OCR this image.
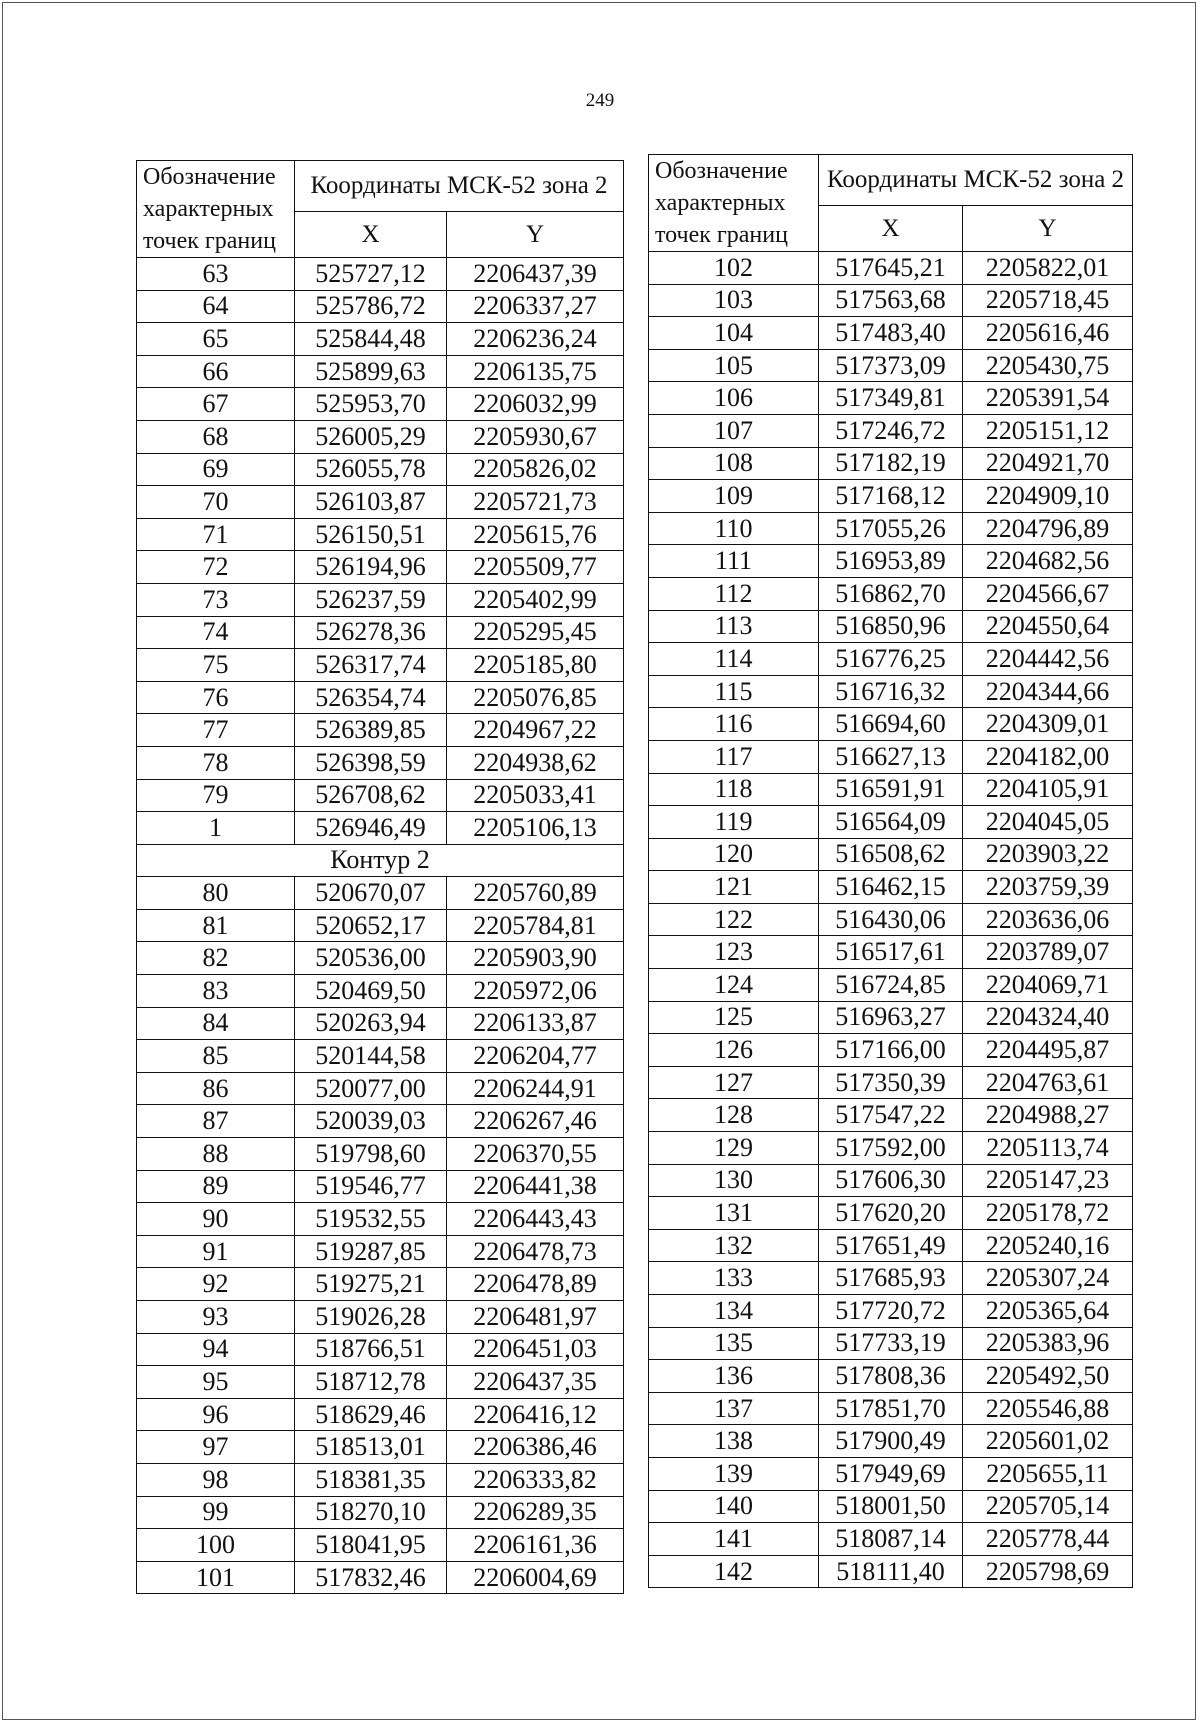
249
Обозначение характерных точек границ	Координаты МСК-52 зона 2	
	X	Y
63	525727,12	2206437,39
64	525786,72	2206337,27
65	525844,48	2206236,24
66	525899,63	2206135,75
67	525953,70	2206032,99
68	526005,29	2205930,67
69	526055,78	2205826,02
70	526103,87	2205721,73
71	526150,51	2205615,76
72	526194,96	2205509,77
73	526237,59	2205402,99
74	526278,36	2205295,45
75	526317,74	2205185,80
76	526354,74	2205076,85
77	526389,85	2204967,22
78	526398,59	2204938,62
79	526708,62	2205033,41
1	526946,49	2205106,13
Контур 2		
80	520670,07	2205760,89
81	520652,17	2205784,81
82	520536,00	2205903,90
83	520469,50	2205972,06
84	520263,94	2206133,87
85	520144,58	2206204,77
86	520077,00	2206244,91
87	520039,03	2206267,46
88	519798,60	2206370,55
89	519546,77	2206441,38
90	519532,55	2206443,43
91	519287,85	2206478,73
92	519275,21	2206478,89
93	519026,28	2206481,97
94	518766,51	2206451,03
95	518712,78	2206437,35
96	518629,46	2206416,12
97	518513,01	2206386,46
98	518381,35	2206333,82
99	518270,10	2206289,35
100	518041,95	2206161,36
101	517832,46	2206004,69
Обозначение характерных точек границ	Координаты МСК-52 зона 2	
	X	Y
102	517645,21	2205822,01
103	517563,68	2205718,45
104	517483,40	2205616,46
105	517373,09	2205430,75
106	517349,81	2205391,54
107	517246,72	2205151,12
108	517182,19	2204921,70
109	517168,12	2204909,10
110	517055,26	2204796,89
111	516953,89	2204682,56
112	516862,70	2204566,67
113	516850,96	2204550,64
114	516776,25	2204442,56
115	516716,32	2204344,66
116	516694,60	2204309,01
117	516627,13	2204182,00
118	516591,91	2204105,91
119	516564,09	2204045,05
120	516508,62	2203903,22
121	516462,15	2203759,39
122	516430,06	2203636,06
123	516517,61	2203789,07
124	516724,85	2204069,71
125	516963,27	2204324,40
126	517166,00	2204495,87
127	517350,39	2204763,61
128	517547,22	2204988,27
129	517592,00	2205113,74
130	517606,30	2205147,23
131	517620,20	2205178,72
132	517651,49	2205240,16
133	517685,93	2205307,24
134	517720,72	2205365,64
135	517733,19	2205383,96
136	517808,36	2205492,50
137	517851,70	2205546,88
138	517900,49	2205601,02
139	517949,69	2205655,11
140	518001,50	2205705,14
141	518087,14	2205778,44
142	518111,40	2205798,69
